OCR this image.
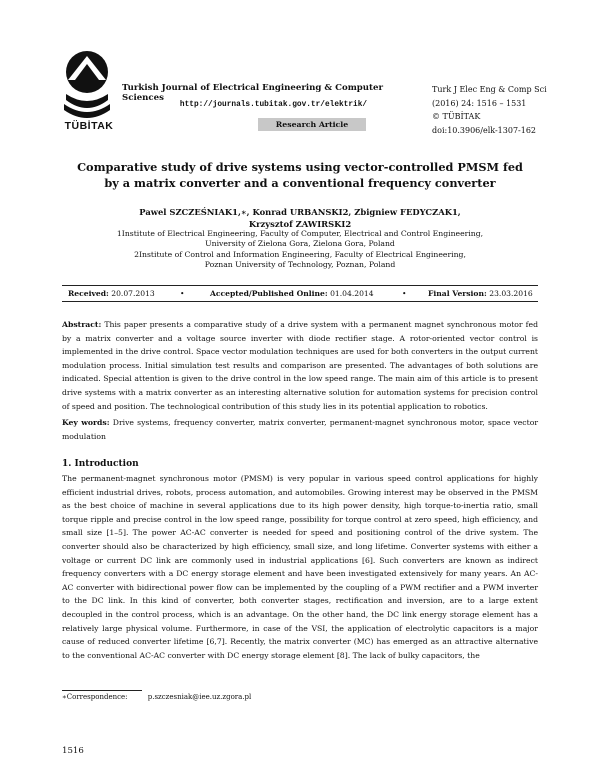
TÜBİTAK
Turkish Journal of Electrical Engineering & Computer Sciences
http://journals.tubitak.gov.tr/elektrik/
Research Article
Turk J Elec Eng & Comp Sci
(2016) 24: 1516 – 1531
© TÜBİTAK
doi:10.3906/elk-1307-162
Comparative study of drive systems using vector-controlled PMSM fed by a matrix converter and a conventional frequency converter
Pawel SZCZEŚNIAK1,∗, Konrad URBANSKI2, Zbigniew FEDYCZAK1,
Krzysztof ZAWIRSKI2
1Institute of Electrical Engineering, Faculty of Computer, Electrical and Control Engineering,
University of Zielona Gora, Zielona Gora, Poland
2Institute of Control and Information Engineering, Faculty of Electrical Engineering,
Poznan University of Technology, Poznan, Poland
Received: 20.07.2013	•	Accepted/Published Online: 01.04.2014	•	Final Version: 23.03.2016
Abstract: This paper presents a comparative study of a drive system with a permanent magnet synchronous motor fed by a matrix converter and a voltage source inverter with diode rectifier stage. A rotor-oriented vector control is implemented in the drive control. Space vector modulation techniques are used for both converters in the output current modulation process. Initial simulation test results and comparison are presented. The advantages of both solutions are indicated. Special attention is given to the drive control in the low speed range. The main aim of this article is to present drive systems with a matrix converter as an interesting alternative solution for automation systems for precision control of speed and position. The technological contribution of this study lies in its potential application to robotics.
Key words: Drive systems, frequency converter, matrix converter, permanent-magnet synchronous motor, space vector modulation
1. Introduction
The permanent-magnet synchronous motor (PMSM) is very popular in various speed control applications for highly efficient industrial drives, robots, process automation, and automobiles. Growing interest may be observed in the PMSM as the best choice of machine in several applications due to its high power density, high torque-to-inertia ratio, small torque ripple and precise control in the low speed range, possibility for torque control at zero speed, high efficiency, and small size [1–5]. The power AC-AC converter is needed for speed and positioning control of the drive system. The converter should also be characterized by high efficiency, small size, and long lifetime. Converter systems with either a voltage or current DC link are commonly used in industrial applications [6]. Such converters are known as indirect frequency converters with a DC energy storage element and have been investigated extensively for many years. An AC-AC converter with bidirectional power flow can be implemented by the coupling of a PWM rectifier and a PWM inverter to the DC link. In this kind of converter, both converter stages, rectification and inversion, are to a large extent decoupled in the control process, which is an advantage. On the other hand, the DC link energy storage element has a relatively large physical volume. Furthermore, in case of the VSI, the application of electrolytic capacitors is a major cause of reduced converter lifetime [6,7]. Recently, the matrix converter (MC) has emerged as an attractive alternative to the conventional AC-AC converter with DC energy storage element [8]. The lack of bulky capacitors, the
∗Correspondence:	p.szczesniak@iee.uz.zgora.pl
1516
